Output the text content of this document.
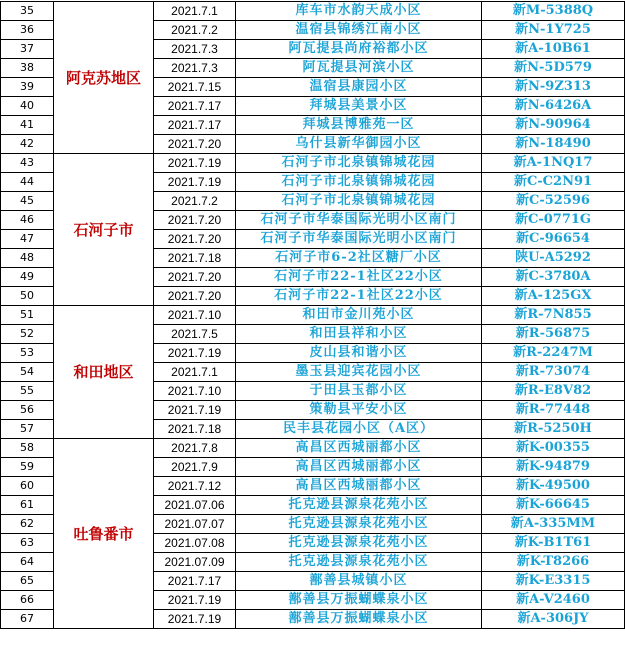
35	阿克苏地区	2021.7.1	库车市水韵天成小区	新M-5388Q
36		2021.7.2	温宿县锦绣江南小区	新N-1Y725
37		2021.7.3	阿瓦提县尚府裕都小区	新A-10B61
38		2021.7.3	阿瓦提县河滨小区	新N-5D579
39		2021.7.15	温宿县康园小区	新N-9Z313
40		2021.7.17	拜城县美景小区	新N-6426A
41		2021.7.17	拜城县博雅苑一区	新N-90964
42		2021.7.20	乌什县新华御园小区	新N-18490
43	石河子市	2021.7.19	石河子市北泉镇锦城花园	新A-1NQ17
44		2021.7.19	石河子市北泉镇锦城花园	新C-C2N91
45		2021.7.2	石河子市北泉镇锦城花园	新C-52596
46		2021.7.20	石河子市华泰国际光明小区南门	新C-0771G
47		2021.7.20	石河子市华泰国际光明小区南门	新C-96654
48		2021.7.18	石河子市6-2社区糖厂小区	陕U-A5292
49		2021.7.20	石河子市22-1社区22小区	新C-3780A
50		2021.7.20	石河子市22-1社区22小区	新A-125GX
51	和田地区	2021.7.10	和田市金川苑小区	新R-7N855
52		2021.7.5	和田县祥和小区	新R-56875
53		2021.7.19	皮山县和谐小区	新R-2247M
54		2021.7.1	墨玉县迎宾花园小区	新R-73074
55		2021.7.10	于田县玉都小区	新R-E8V82
56		2021.7.19	策勒县平安小区	新R-77448
57		2021.7.18	民丰县花园小区（A区）	新R-5250H
58	吐鲁番市	2021.7.8	高昌区西城丽都小区	新K-00355
59		2021.7.9	高昌区西城丽都小区	新K-94879
60		2021.7.12	高昌区西城丽都小区	新K-49500
61		2021.07.06	托克逊县源泉花苑小区	新K-66645
62		2021.07.07	托克逊县源泉花苑小区	新A-335MM
63		2021.07.08	托克逊县源泉花苑小区	新K-B1T61
64		2021.07.09	托克逊县源泉花苑小区	新K-T8266
65		2021.7.17	鄯善县城镇小区	新K-E3315
66		2021.7.19	鄯善县万振蝴蝶泉小区	新A-V2460
67		2021.7.19	鄯善县万振蝴蝶泉小区	新A-306JY
